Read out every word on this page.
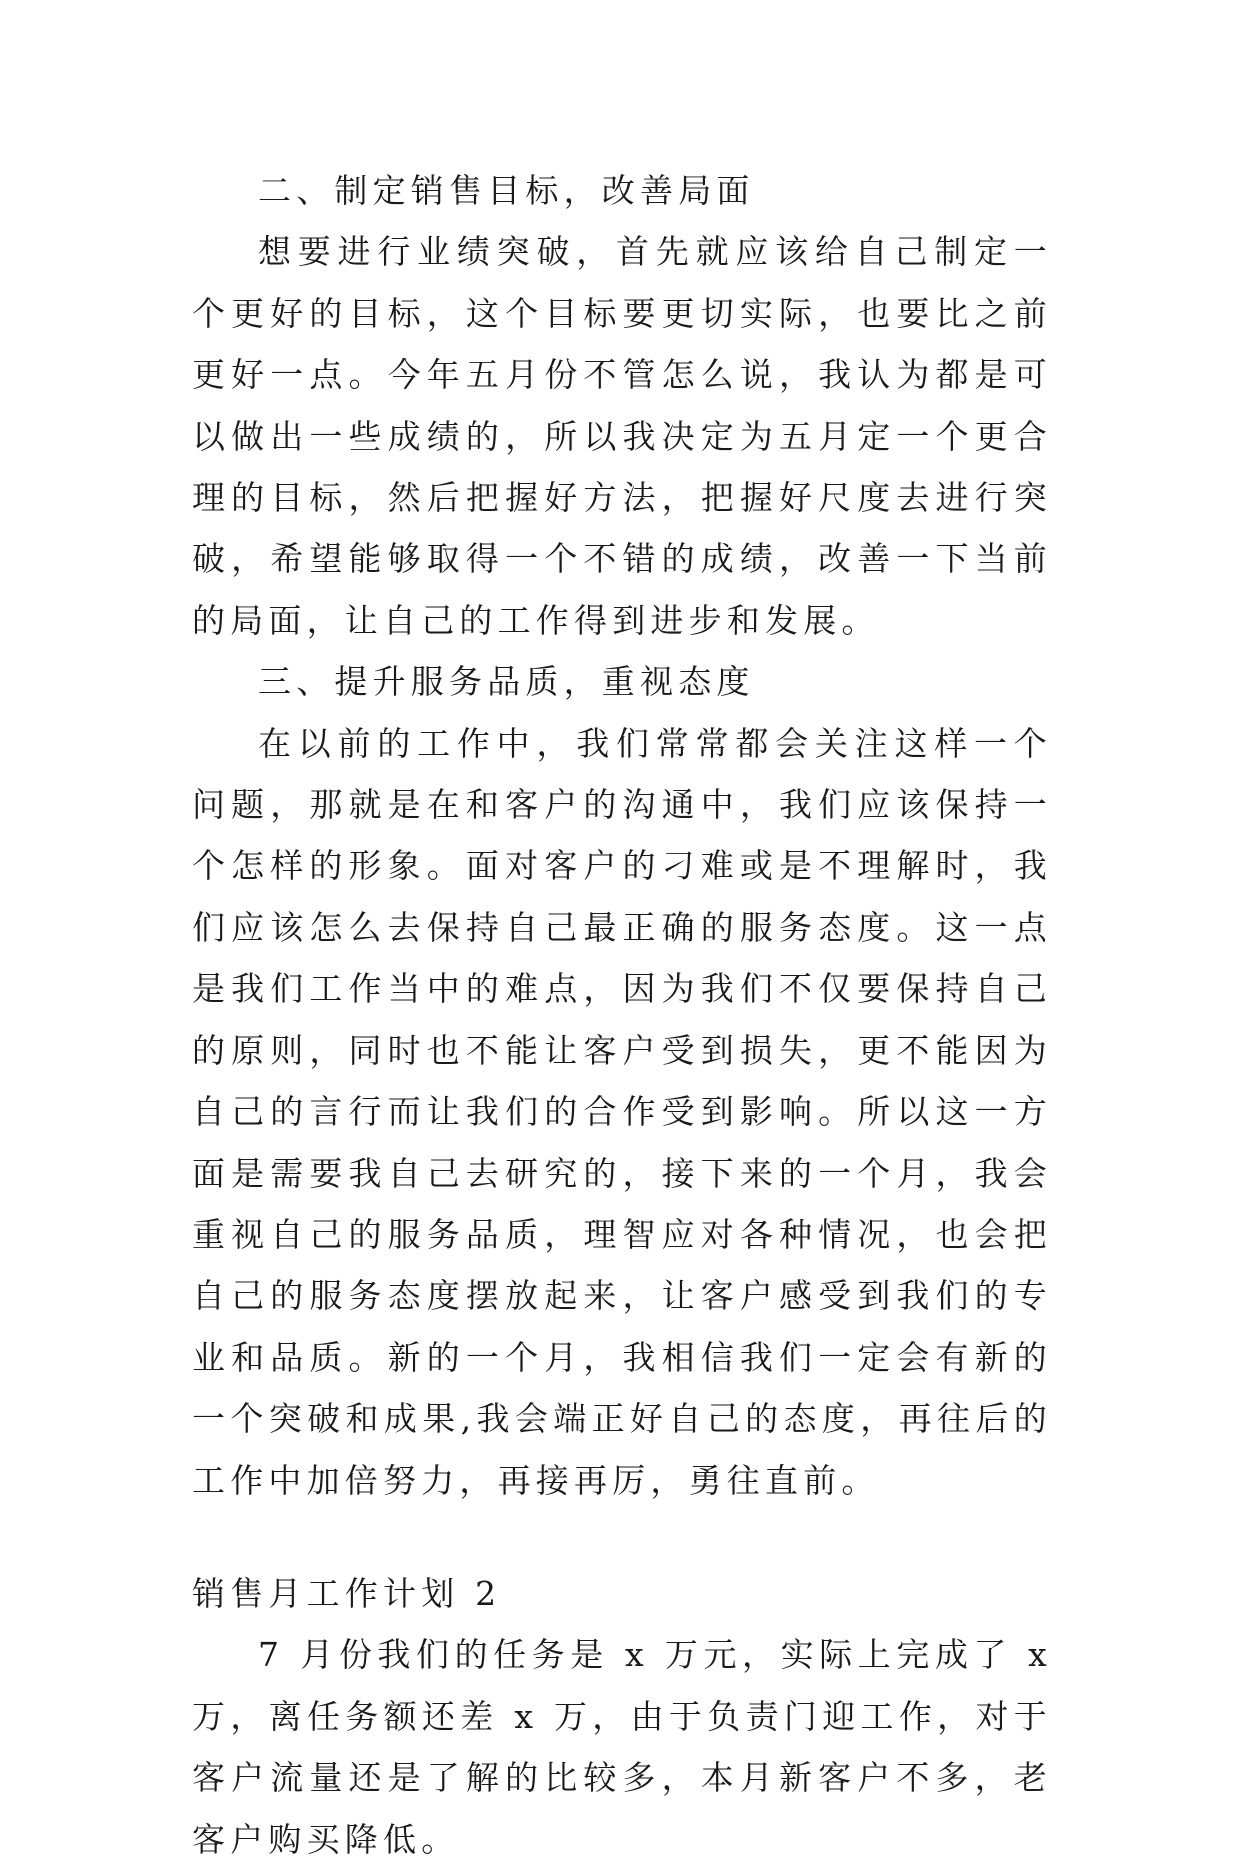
二、制定销售目标，改善局面

想要进行业绩突破，首先就应该给自己制定一个更好的目标，这个目标要更切实际，也要比之前更好一点。今年五月份不管怎么说，我认为都是可以做出一些成绩的，所以我决定为五月定一个更合理的目标，然后把握好方法，把握好尺度去进行突破，希望能够取得一个不错的成绩，改善一下当前的局面，让自己的工作得到进步和发展。

三、提升服务品质，重视态度

在以前的工作中，我们常常都会关注这样一个问题，那就是在和客户的沟通中，我们应该保持一个怎样的形象。面对客户的刁难或是不理解时，我们应该怎么去保持自己最正确的服务态度。这一点是我们工作当中的难点，因为我们不仅要保持自己的原则，同时也不能让客户受到损失，更不能因为自己的言行而让我们的合作受到影响。所以这一方面是需要我自己去研究的，接下来的一个月，我会重视自己的服务品质，理智应对各种情况，也会把自己的服务态度摆放起来，让客户感受到我们的专业和品质。新的一个月，我相信我们一定会有新的一个突破和成果,我会端正好自己的态度，再往后的工作中加倍努力，再接再厉，勇往直前。

销售月工作计划 2

7 月份我们的任务是 x 万元，实际上完成了 x 万，离任务额还差 x 万，由于负责门迎工作，对于客户流量还是了解的比较多，本月新客户不多，老客户购买降低。
